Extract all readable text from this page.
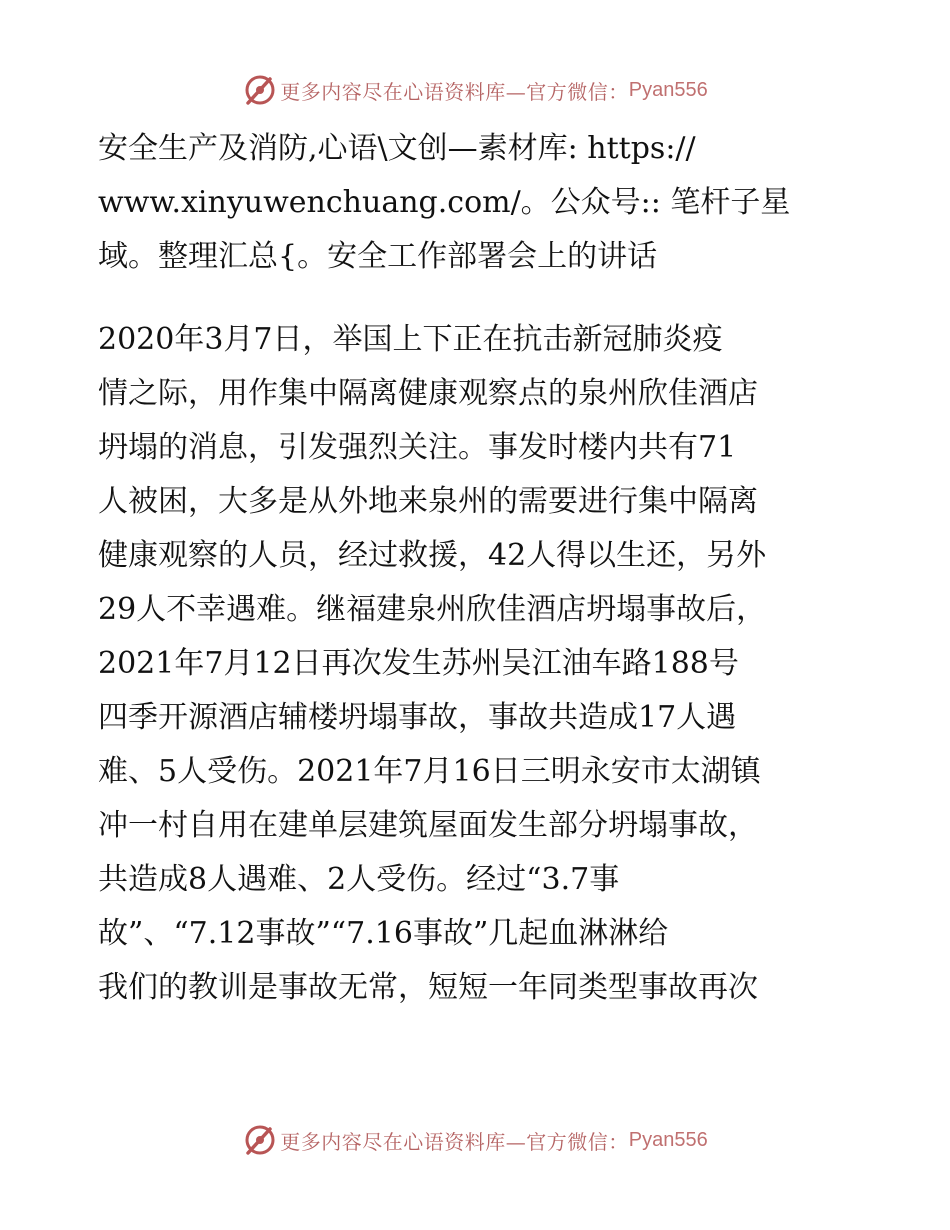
更多内容尽在心语资料库—官方微信： Pyan556
安全生产及消防,心语\文创—素材库: https://
www.xinyuwenchuang.com/。公众号:: 笔杆子星
域。整理汇总{。安全工作部署会上的讲话
2020年3月7日，举国上下正在抗击新冠肺炎疫
情之际，用作集中隔离健康观察点的泉州欣佳酒店
坍塌的消息，引发强烈关注。事发时楼内共有71
人被困，大多是从外地来泉州的需要进行集中隔离
健康观察的人员，经过救援，42人得以生还，另外
29人不幸遇难。继福建泉州欣佳酒店坍塌事故后，
2021年7月12日再次发生苏州吴江油车路188号
四季开源酒店辅楼坍塌事故，事故共造成17人遇
难、5人受伤。2021年7月16日三明永安市太湖镇
冲一村自用在建单层建筑屋面发生部分坍塌事故，
共造成8人遇难、2人受伤。经过“3.7事
故”、“7.12事故”“7.16事故”几起血淋淋给
我们的教训是事故无常，短短一年同类型事故再次
更多内容尽在心语资料库—官方微信： Pyan556
